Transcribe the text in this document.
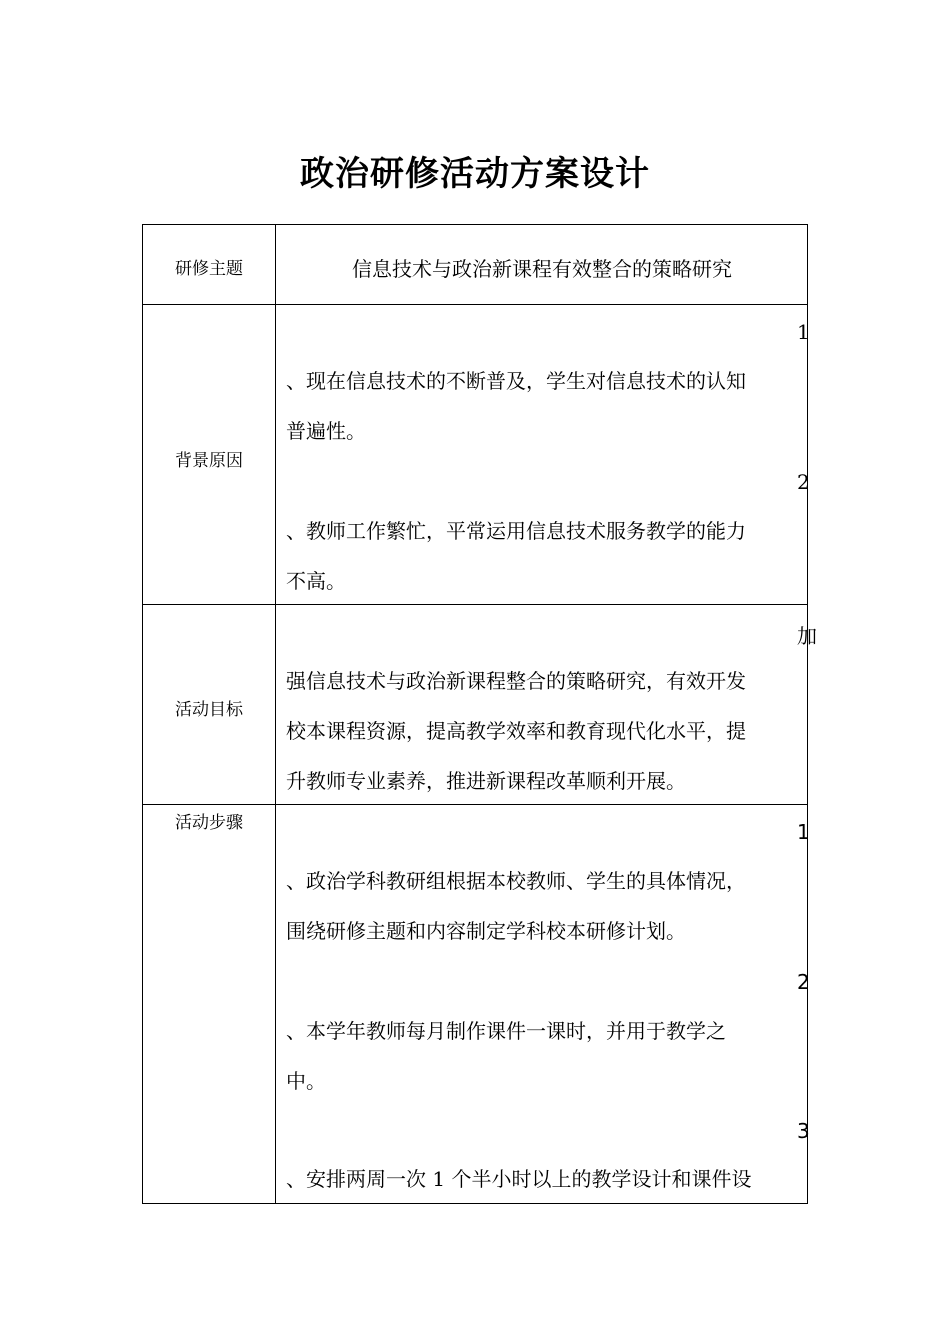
政治研修活动方案设计
研修主题	信息技术与政治新课程有效整合的策略研究
背景原因
1
、现在信息技术的不断普及，学生对信息技术的认知
普遍性。
2
、教师工作繁忙，平常运用信息技术服务教学的能力
不高。
活动目标
加
强信息技术与政治新课程整合的策略研究，有效开发
校本课程资源，提高教学效率和教育现代化水平，提
升教师专业素养，推进新课程改革顺利开展。
活动步骤	1
、政治学科教研组根据本校教师、学生的具体情况，
围绕研修主题和内容制定学科校本研修计划。
2
、本学年教师每月制作课件一课时，并用于教学之
中。
3
、安排两周一次 1 个半小时以上的教学设计和课件设
